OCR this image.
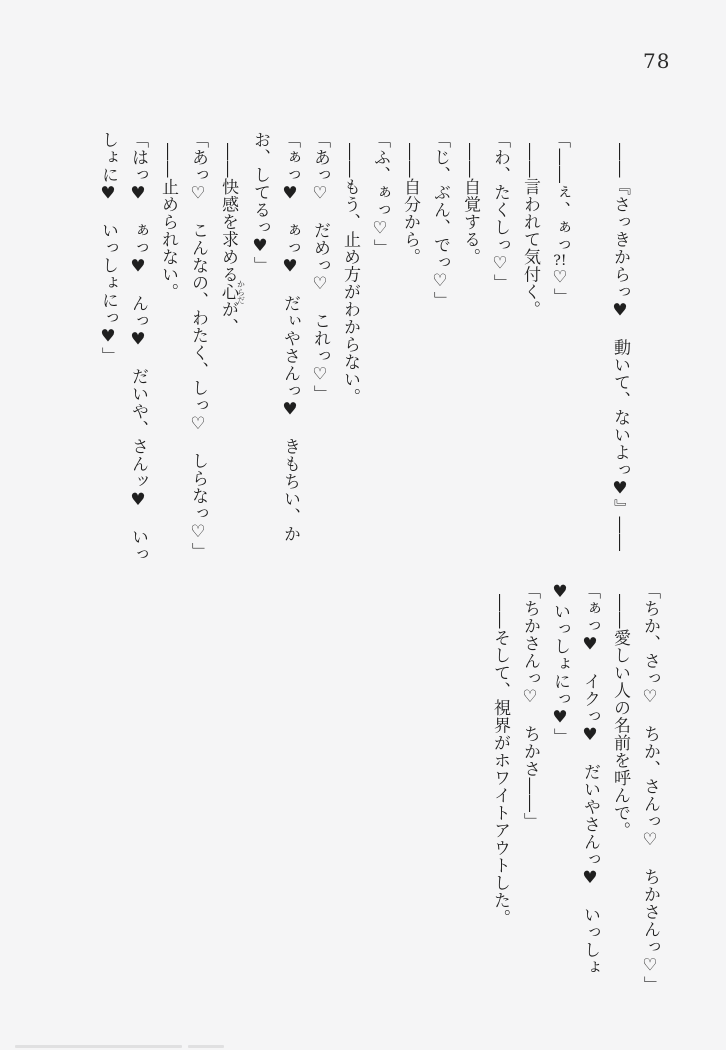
78

――『さっきからっ♥　動いて、ないよっ♥』――

「――ぇ、ぁっ?!♡」

――言われて気付く。

「わ、たくしっ♡」

――自覚する。

「じ、ぶん、でっ♡」

――自分から。

「ふ、ぁっ♡」

――もう、止め方がわからない。

「あっ♡　だめっ♡　これっ♡」

「ぁっ♥　ぁっ♥　だぃやさんっ♥　きもちい、かお、してるっ♥」

――快感を求める心からだが、

「あっ♡　こんなの、わたく、しっ♡　しらなっ♡」

――止められない。

「はっ♥　ぁっ♥　んっ♥　だいや、さんッ♥　いっしょに♥　いっしょにっ♥」

「ちか、さっ♡　ちか、さんっ♡　ちかさんっ♡」

――愛しい人の名前を呼んで。

「ぁっ♥　イクっ♥　だいやさんっ♥　いっしょ♥いっしょにっ♥」

「ちかさんっ♡　ちかさ――」

――そして、視界がホワイトアウトした。
